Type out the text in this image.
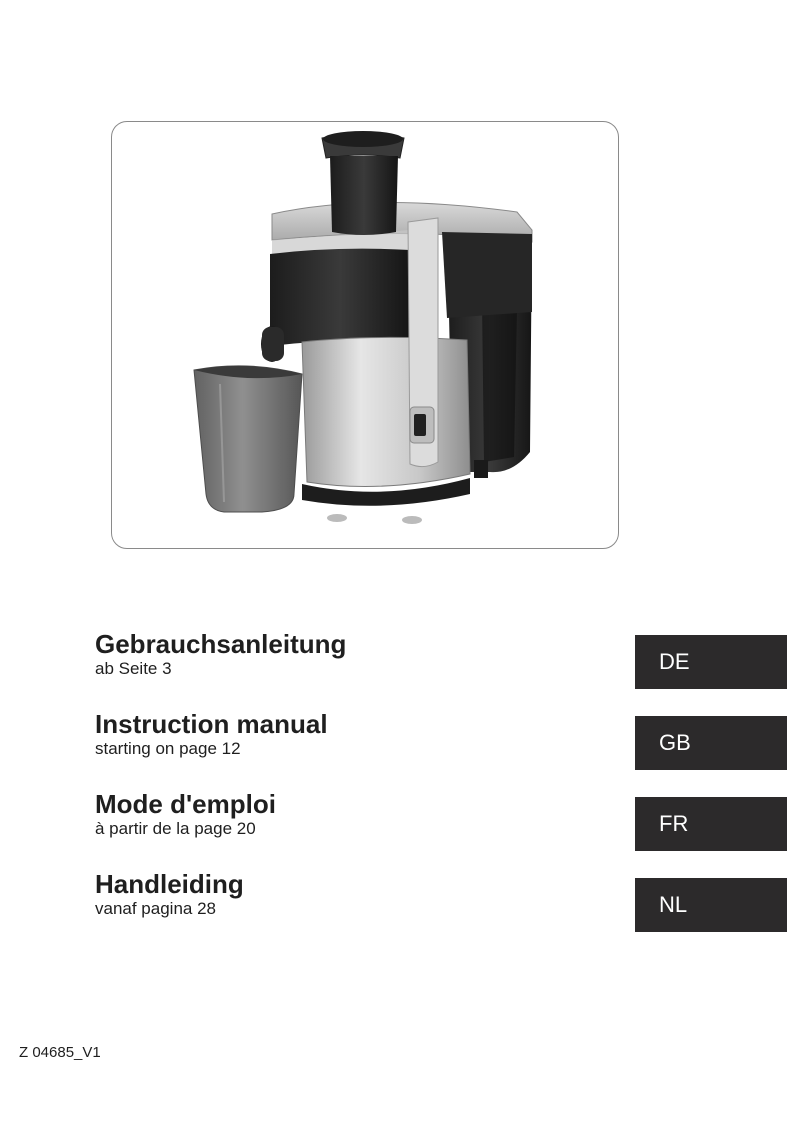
Gebrauchsanleitung
ab Seite 3	DE
Instruction manual
starting on page 12	GB
Mode d'emploi
à partir de la page 20	FR
Handleiding
vanaf pagina 28	NL
Z 04685_V1
